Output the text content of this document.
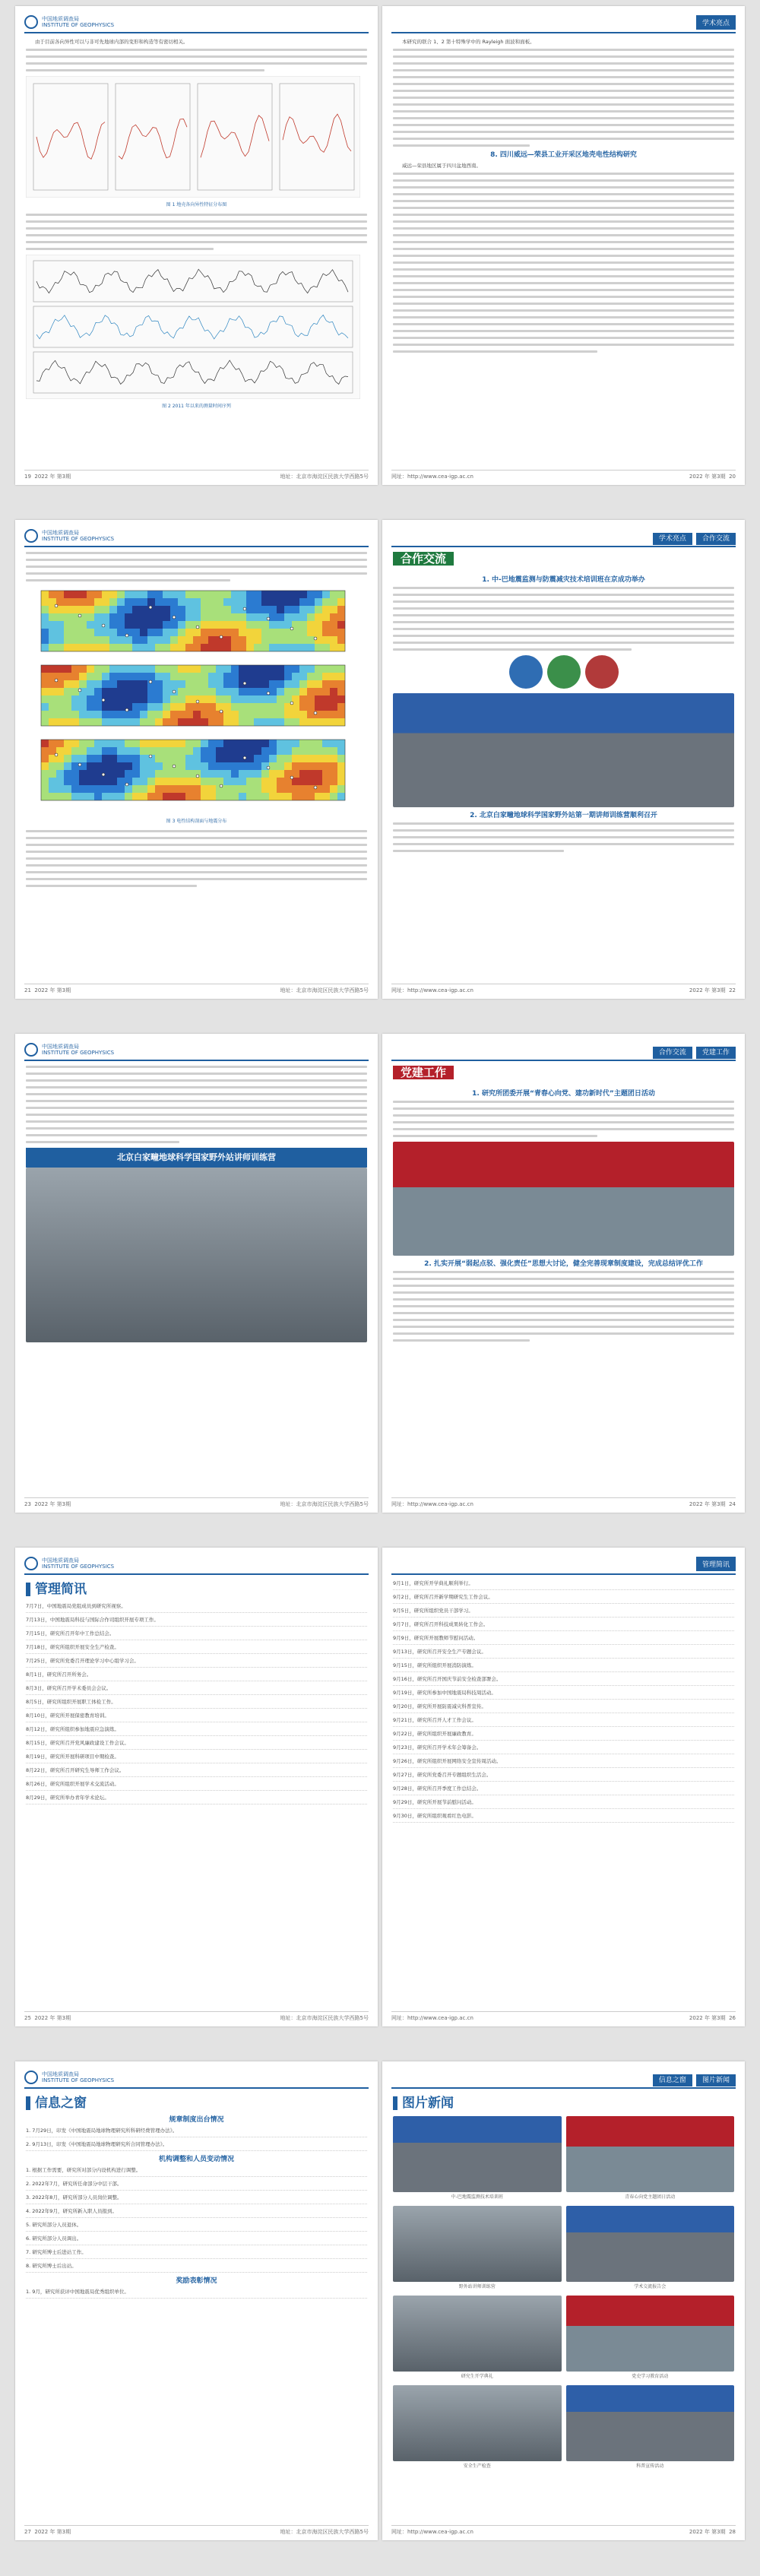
中国地质调查局
INSTITUTE OF GEOPHYSICS

由于目前各向异性可以与非可先地球内部的变形和构造等有密切相关。

图 1 地壳各向异性特征分布图
图 2 2011 年以来的测量时间序列
19 2022 年 第3期	地址：北京市海淀区民族大学西路5号
学术亮点

本研究的联合 1、2 第十特殊学中的 Rayleigh 面波和面板。

8. 四川威远—荣县工业开采区地壳电性结构研究

威远—荣县地区属于四川盆地西南。

网址：http://www.cea-igp.ac.cn	2022 年 第3期 20
中国地质调查局
INSTITUTE OF GEOPHYSICS
图 3 电性结构剖面与地震分布
21 2022 年 第3期	地址：北京市海淀区民族大学西路5号
学术亮点 合作交流
合作交流
1. 中-巴地震监测与防震减灾技术培训班在京成功举办
2. 北京白家疃地球科学国家野外站第一期讲师训练营顺利召开
网址：http://www.cea-igp.ac.cn	2022 年 第3期 22
中国地质调查局
INSTITUTE OF GEOPHYSICS
北京白家疃地球科学国家野外站讲师训练营
23 2022 年 第3期	地址：北京市海淀区民族大学西路5号
合作交流 党建工作
党建工作
1. 研究所团委开展“青春心向党、建功新时代”主题团日活动
2. 扎实开展“弱起点驳、强化责任”思想大讨论，健全完善现章制度建设，完成总结评优工作
网址：http://www.cea-igp.ac.cn	2022 年 第3期 24
中国地质调查局
INSTITUTE OF GEOPHYSICS
管理简讯
7月7日，中国地震局党组成员到研究所视察。
7月13日，中国地震局科技与国际合作司组织开展专项工作。
7月15日，研究所召开年中工作总结会。
7月18日，研究所组织开展安全生产检查。
7月25日，研究所党委召开理论学习中心组学习会。
8月1日，研究所召开所务会。
8月3日，研究所召开学术委员会会议。
8月5日，研究所组织开展职工体检工作。
8月10日，研究所开展保密教育培训。
8月12日，研究所组织参加地震应急演练。
8月15日，研究所召开党风廉政建设工作会议。
8月19日，研究所开展科研项目中期检查。
8月22日，研究所召开研究生导师工作会议。
8月26日，研究所组织开展学术交流活动。
8月29日，研究所举办青年学术论坛。
25 2022 年 第3期	地址：北京市海淀区民族大学西路5号
管理简讯
9月1日，研究所开学典礼顺利举行。
9月2日，研究所召开新学期研究生工作会议。
9月5日，研究所组织党员干部学习。
9月7日，研究所召开科技成果转化工作会。
9月9日，研究所开展教师节慰问活动。
9月13日，研究所召开安全生产专题会议。
9月15日，研究所组织开展消防演练。
9月16日，研究所召开国庆节前安全检查部署会。
9月19日，研究所参加中国地震局科技周活动。
9月20日，研究所开展防震减灾科普宣传。
9月21日，研究所召开人才工作会议。
9月22日，研究所组织开展廉政教育。
9月23日，研究所召开学术年会筹备会。
9月26日，研究所组织开展网络安全宣传周活动。
9月27日，研究所党委召开专题组织生活会。
9月28日，研究所召开季度工作总结会。
9月29日，研究所开展节前慰问活动。
9月30日，研究所组织观看红色电影。
网址：http://www.cea-igp.ac.cn	2022 年 第3期 26
中国地质调查局
INSTITUTE OF GEOPHYSICS
信息之窗
规章制度出台情况
1. 7月29日，印发《中国地震局地球物理研究所科研经费管理办法》。
2. 9月13日，印发《中国地震局地球物理研究所合同管理办法》。
机构调整和人员变动情况
1. 根据工作需要，研究所对部分内设机构进行调整。
2. 2022年7月，研究所任命部分中层干部。
3. 2022年8月，研究所部分人员岗位调整。
4. 2022年9月，研究所新入职人员报到。
5. 研究所部分人员退休。
6. 研究所部分人员调出。
7. 研究所博士后进站工作。
8. 研究所博士后出站。
奖励表彰情况
1. 9月，研究所获评中国地震局优秀组织单位。
27 2022 年 第3期	地址：北京市海淀区民族大学西路5号
信息之窗 图片新闻
图片新闻
中-巴地震监测技术培训班	青春心向党主题团日活动
野外站讲师训练营	学术交流报告会
研究生开学典礼	党史学习教育活动
安全生产检查	科普宣传活动
网址：http://www.cea-igp.ac.cn	2022 年 第3期 28
